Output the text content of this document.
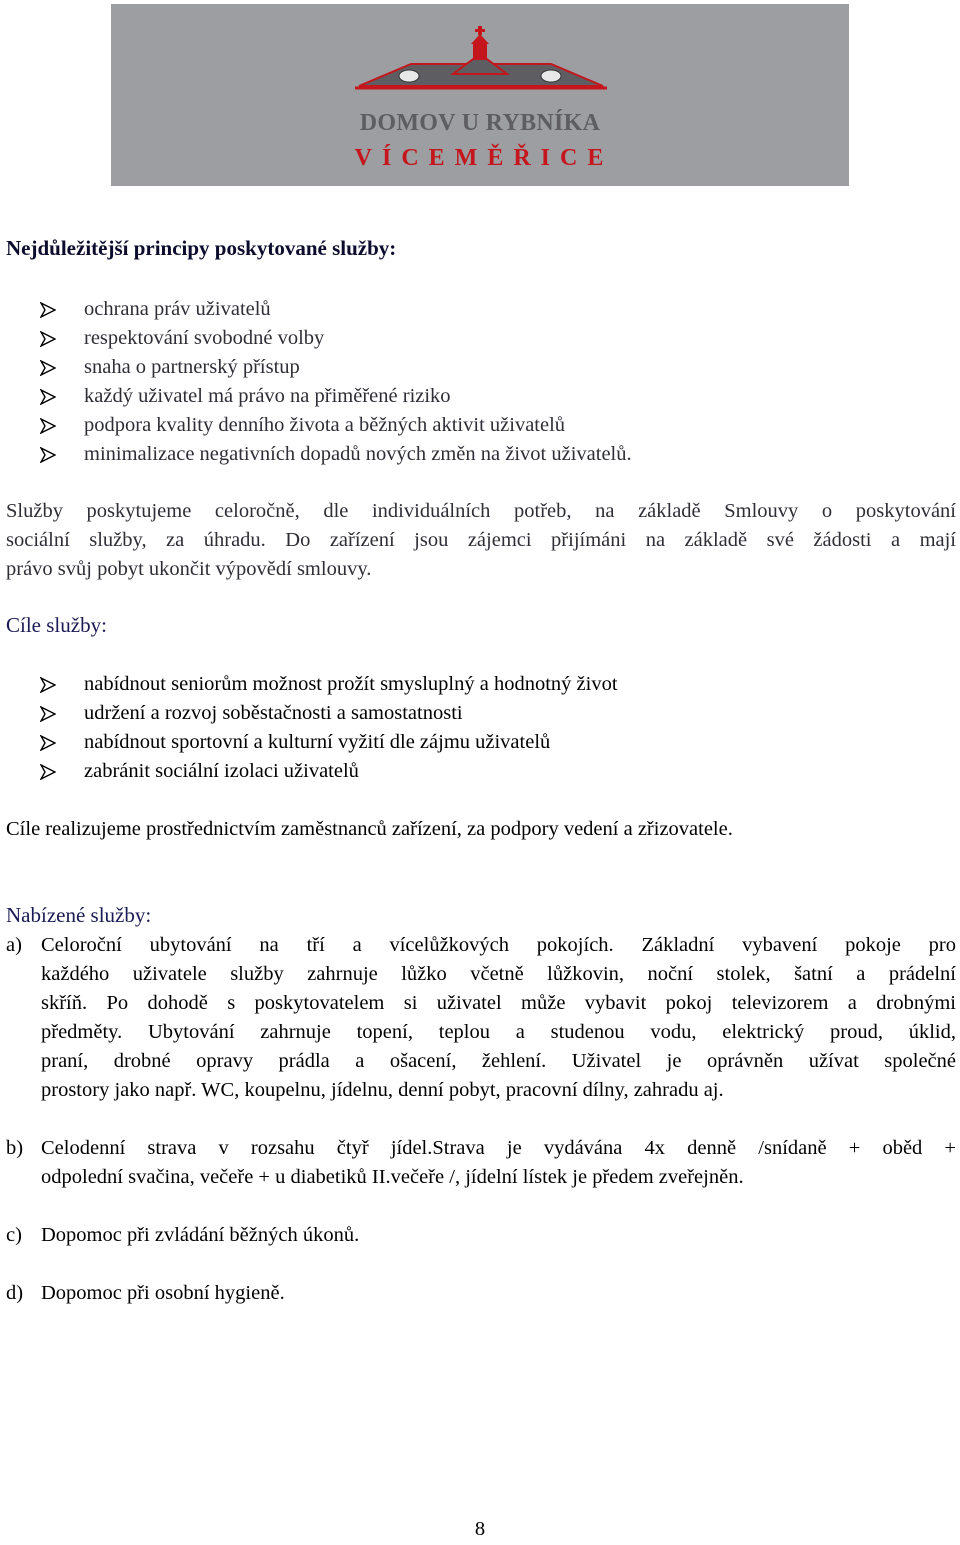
DOMOV U RYBNÍKA
VÍCEMĚŘICE
Nejdůležitější principy poskytované služby:
ochrana práv uživatelů
respektování svobodné volby
snaha o partnerský přístup
každý uživatel má právo na přiměřené riziko
podpora kvality denního života a běžných aktivit uživatelů
minimalizace negativních dopadů nových změn na život uživatelů.
Služby poskytujeme celoročně, dle individuálních potřeb, na základě Smlouvy o poskytování
sociální služby, za úhradu. Do zařízení jsou zájemci přijímáni na základě své žádosti a mají
právo svůj pobyt ukončit výpovědí smlouvy.
Cíle služby:
nabídnout seniorům možnost prožít smysluplný a hodnotný život
udržení a rozvoj soběstačnosti a samostatnosti
nabídnout sportovní a kulturní vyžití dle zájmu uživatelů
zabránit sociální izolaci uživatelů
Cíle realizujeme prostřednictvím zaměstnanců zařízení, za podpory vedení a zřizovatele.
Nabízené služby:
a) Celoroční ubytování na tří a vícelůžkových pokojích. Základní vybavení pokoje pro
každého uživatele služby zahrnuje lůžko včetně lůžkovin, noční stolek, šatní a prádelní
skříň. Po dohodě s poskytovatelem si uživatel může vybavit pokoj televizorem a drobnými
předměty. Ubytování zahrnuje topení, teplou a studenou vodu, elektrický proud, úklid,
praní, drobné opravy prádla a ošacení, žehlení. Uživatel je oprávněn užívat společné
prostory jako např. WC, koupelnu, jídelnu, denní pobyt, pracovní dílny, zahradu aj.
b) Celodenní strava v rozsahu čtyř jídel.Strava je vydávána 4x denně /snídaně + oběd +
odpolední svačina, večeře + u diabetiků II.večeře /, jídelní lístek je předem zveřejněn.
c) Dopomoc při zvládání běžných úkonů.
d) Dopomoc při osobní hygieně.
8
